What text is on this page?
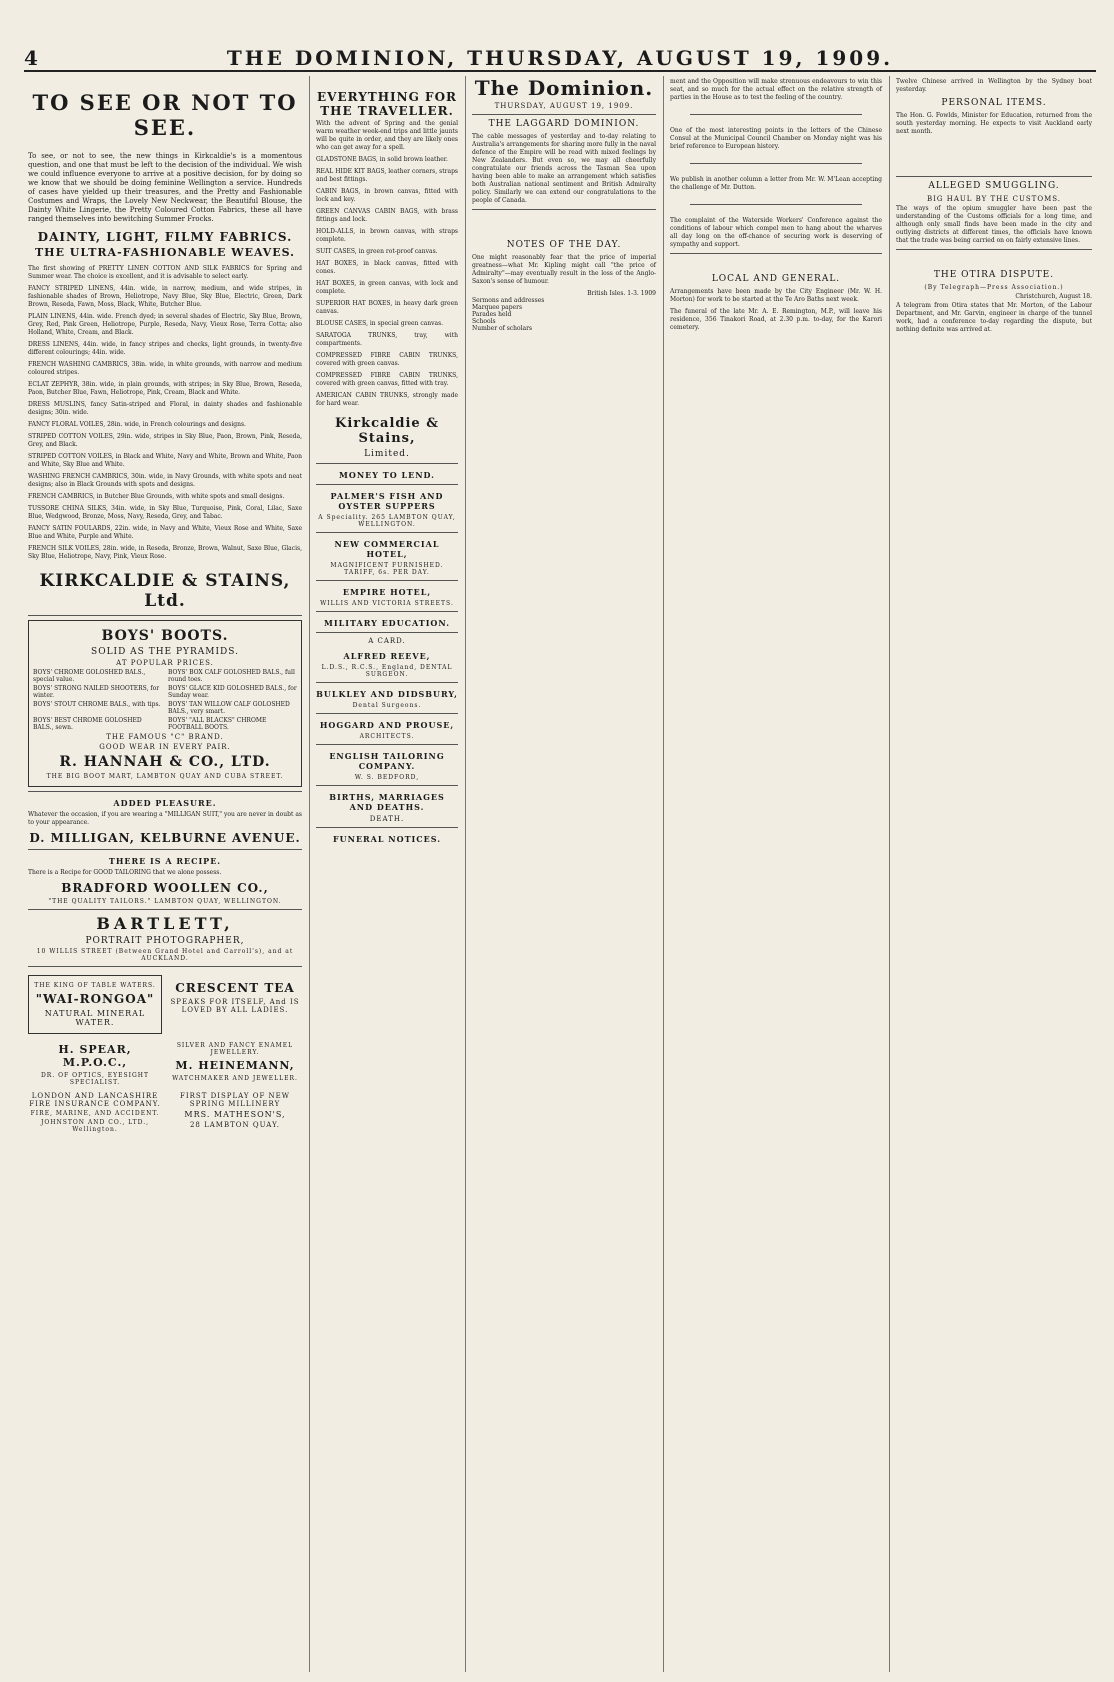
4	THE DOMINION, THURSDAY, AUGUST 19, 1909.
TO SEE OR NOT TO SEE.

To see, or not to see, the new things in Kirkcaldie's is a momentous question, and one that must be left to the decision of the individual. We wish we could influence everyone to arrive at a positive decision, for by doing so we know that we should be doing feminine Wellington a service. Hundreds of cases have yielded up their treasures, and the Pretty and Fashionable Costumes and Wraps, the Lovely New Neckwear, the Beautiful Blouse, the Dainty White Lingerie, the Pretty Coloured Cotton Fabrics, these all have ranged themselves into bewitching Summer Frocks.

DAINTY, LIGHT, FILMY FABRICS.
THE ULTRA-FASHIONABLE WEAVES.

The first showing of PRETTY LINEN COTTON AND SILK FABRICS for Spring and Summer wear. The choice is excellent, and it is advisable to select early.

FANCY STRIPED LINENS, 44in. wide, in narrow, medium, and wide stripes, in fashionable shades of Brown, Heliotrope, Navy Blue, Sky Blue, Electric, Green, Dark Brown, Reseda, Fawn, Moss, Black, White, Butcher Blue.

PLAIN LINENS, 44in. wide. French dyed; in several shades of Electric, Sky Blue, Brown, Grey, Red, Pink Green, Heliotrope, Purple, Reseda, Navy, Vieux Rose, Terra Cotta; also Holland, White, Cream, and Black.

DRESS LINENS, 44in. wide, in fancy stripes and checks, light grounds, in twenty-five different colourings; 44in. wide.

FRENCH WASHING CAMBRICS, 38in. wide, in white grounds, with narrow and medium coloured stripes.

ECLAT ZEPHYR, 38in. wide, in plain grounds, with stripes; in Sky Blue, Brown, Reseda, Paon, Butcher Blue, Fawn, Heliotrope, Pink, Cream, Black and White.

DRESS MUSLINS, fancy Satin-striped and Floral, in dainty shades and fashionable designs; 30in. wide.

FANCY FLORAL VOILES, 28in. wide, in French colourings and designs.

STRIPED COTTON VOILES, 29in. wide, stripes in Sky Blue, Paon, Brown, Pink, Reseda, Grey, and Black.

STRIPED COTTON VOILES, in Black and White, Navy and White, Brown and White, Paon and White, Sky Blue and White.

WASHING FRENCH CAMBRICS, 30in. wide, in Navy Grounds, with white spots and neat designs; also in Black Grounds with spots and designs.

FRENCH CAMBRICS, in Butcher Blue Grounds, with white spots and small designs.

TUSSORE CHINA SILKS, 34in. wide, in Sky Blue, Turquoise, Pink, Coral, Lilac, Saxe Blue, Wedgwood, Bronze, Moss, Navy, Reseda, Grey, and Tabac.

FANCY SATIN FOULARDS, 22in. wide, in Navy and White, Vieux Rose and White, Saxe Blue and White, Purple and White.

FRENCH SILK VOILES, 28in. wide, in Reseda, Bronze, Brown, Walnut, Saxe Blue, Glacis, Sky Blue, Heliotrope, Navy, Pink, Vieux Rose.

KIRKCALDIE & STAINS, Ltd.
BOYS' BOOTS.
SOLID AS THE PYRAMIDS.
AT POPULAR PRICES.
BOYS' CHROME GOLOSHED BALS., special value.
BOYS' BOX CALF GOLOSHED BALS., full round toes.
BOYS' STRONG NAILED SHOOTERS, for winter.
BOYS' GLACE KID GOLOSHED BALS., for Sunday wear.
BOYS' STOUT CHROME BALS., with tips. BOYS' TAN WILLOW CALF GOLOSHED BALS., very smart.
BOYS' BEST CHROME GOLOSHED BALS., sewn.
BOYS' "ALL BLACKS" CHROME FOOTBALL BOOTS.
THE FAMOUS "C" BRAND.
GOOD WEAR IN EVERY PAIR.
R. HANNAH & CO., LTD.
THE BIG BOOT MART, LAMBTON QUAY AND CUBA STREET.
ADDED PLEASURE.

Whatever the occasion, if you are wearing a "MILLIGAN SUIT," you are never in doubt as to your appearance.

D. MILLIGAN, KELBURNE AVENUE.
THERE IS A RECIPE.

There is a Recipe for GOOD TAILORING that we alone possess.

BRADFORD WOOLLEN CO.,
"THE QUALITY TAILORS." LAMBTON QUAY, WELLINGTON.
BARTLETT,
PORTRAIT PHOTOGRAPHER,
10 WILLIS STREET (Between Grand Hotel and Carroll's), and at AUCKLAND.
THE KING OF TABLE WATERS.
"WAI-RONGOA"
NATURAL MINERAL WATER.
CRESCENT TEA
SPEAKS FOR ITSELF, And IS LOVED BY ALL LADIES.
H. SPEAR, M.P.O.C.,
DR. OF OPTICS, EYESIGHT SPECIALIST.
SILVER AND FANCY ENAMEL JEWELLERY.
M. HEINEMANN,
WATCHMAKER AND JEWELLER.
LONDON AND LANCASHIRE FIRE INSURANCE COMPANY.
FIRE, MARINE, AND ACCIDENT.
JOHNSTON AND CO., LTD., Wellington.
FIRST DISPLAY OF NEW SPRING MILLINERY
MRS. MATHESON'S,
28 LAMBTON QUAY.
EVERYTHING FOR THE TRAVELLER.

With the advent of Spring and the genial warm weather week-end trips and little jaunts will be quite in order, and they are likely ones who can get away for a spell.

GLADSTONE BAGS, in solid brown leather.

REAL HIDE KIT BAGS, leather corners, straps and best fittings.

CABIN BAGS, in brown canvas, fitted with lock and key.

GREEN CANVAS CABIN BAGS, with brass fittings and lock.

HOLD-ALLS, in brown canvas, with straps complete.

SUIT CASES, in green rot-proof canvas.

HAT BOXES, in black canvas, fitted with cones.

HAT BOXES, in green canvas, with lock and complete.

SUPERIOR HAT BOXES, in heavy dark green canvas.

BLOUSE CASES, in special green canvas.

SARATOGA TRUNKS, tray, with compartments.

COMPRESSED FIBRE CABIN TRUNKS, covered with green canvas.

COMPRESSED FIBRE CABIN TRUNKS, covered with green canvas, fitted with tray.

AMERICAN CABIN TRUNKS, strongly made for hard wear.

Kirkcaldie & Stains,
Limited.
MONEY TO LEND.
PALMER'S FISH AND OYSTER SUPPERS
A Speciality. 265 LAMBTON QUAY, WELLINGTON.
NEW COMMERCIAL HOTEL,
MAGNIFICENT FURNISHED. TARIFF, 6s. PER DAY.
EMPIRE HOTEL,
WILLIS AND VICTORIA STREETS.
MILITARY EDUCATION.
A CARD.
ALFRED REEVE,
L.D.S., R.C.S., England, DENTAL SURGEON.
BULKLEY AND DIDSBURY,
Dental Surgeons.
HOGGARD AND PROUSE,
ARCHITECTS.
ENGLISH TAILORING COMPANY.
W. S. BEDFORD,
BIRTHS, MARRIAGES AND DEATHS.
DEATH.
FUNERAL NOTICES.
The Dominion.
THURSDAY, AUGUST 19, 1909.
THE LAGGARD DOMINION.

The cable messages of yesterday and to-day relating to Australia's arrangements for sharing more fully in the naval defence of the Empire will be read with mixed feelings by New Zealanders. But even so, we may all cheerfully congratulate our friends across the Tasman Sea upon having been able to make an arrangement which satisfies both Australian national sentiment and British Admiralty policy. Similarly we can extend our congratulations to the people of Canada.

NOTES OF THE DAY.

One might reasonably fear that the price of imperial greatness—what Mr. Kipling might call "the price of Admiralty"—may eventually result in the loss of the Anglo-Saxon's sense of humour.

British Isles. 1-3. 1909
Sermons and addresses
Marquee papers
Parades held
Schools
Number of scholars

ment and the Opposition will make strenuous endeavours to win this seat, and so much for the actual effect on the relative strength of parties in the House as to test the feeling of the country.

One of the most interesting points in the letters of the Chinese Consul at the Municipal Council Chamber on Monday night was his brief reference to European history.

We publish in another column a letter from Mr. W. M'Lean accepting the challenge of Mr. Dutton.

The complaint of the Waterside Workers' Conference against the conditions of labour which compel men to hang about the wharves all day long on the off-chance of securing work is deserving of sympathy and support.

LOCAL AND GENERAL.

Arrangements have been made by the City Engineer (Mr. W. H. Morton) for work to be started at the Te Aro Baths next week.

The funeral of the late Mr. A. E. Remington, M.P., will leave his residence, 356 Tinakori Road, at 2.30 p.m. to-day, for the Karori cemetery.

Twelve Chinese arrived in Wellington by the Sydney boat yesterday.

PERSONAL ITEMS.

The Hon. G. Fowlds, Minister for Education, returned from the south yesterday morning. He expects to visit Auckland early next month.

ALLEGED SMUGGLING.
BIG HAUL BY THE CUSTOMS.

The ways of the opium smuggler have been past the understanding of the Customs officials for a long time, and although only small finds have been made in the city and outlying districts at different times, the officials have known that the trade was being carried on on fairly extensive lines.

THE OTIRA DISPUTE.
(By Telegraph—Press Association.)
Christchurch, August 18.

A telegram from Otira states that Mr. Morton, of the Labour Department, and Mr. Garvin, engineer in charge of the tunnel work, had a conference to-day regarding the dispute, but nothing definite was arrived at.
